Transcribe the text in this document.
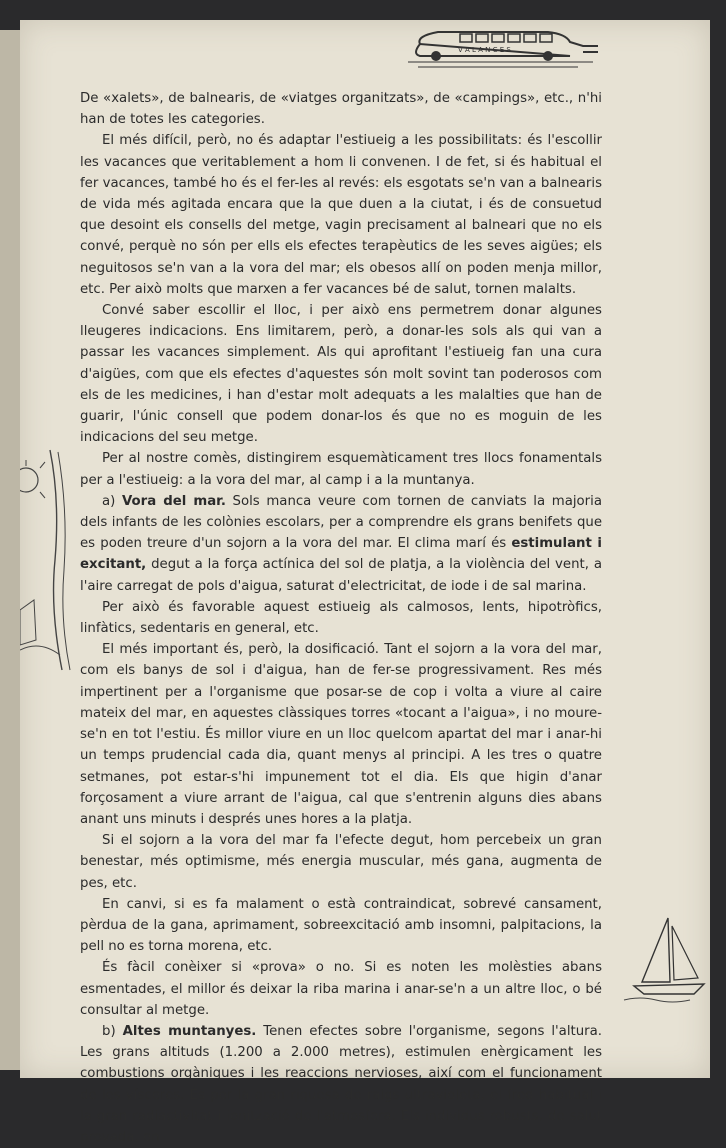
V A L A N C E S

De «xalets», de balnearis, de «viatges organitzats», de «campings», etc., n'hi han de totes les categories.

El més difícil, però, no és adaptar l'estiueig a les possibilitats: és l'escollir les vacances que veritablement a hom li convenen. I de fet, si és habitual el fer vacances, també ho és el fer-les al revés: els esgotats se'n van a balnearis de vida més agitada encara que la que duen a la ciutat, i és de consuetud que desoint els consells del metge, vagin precisament al balneari que no els convé, perquè no són per ells els efectes terapèutics de les seves aigües; els neguitosos se'n van a la vora del mar; els obesos allí on poden menja millor, etc. Per això molts que marxen a fer vacances bé de salut, tornen malalts.

Convé saber escollir el lloc, i per això ens permetrem donar algunes lleugeres indicacions. Ens limitarem, però, a donar-les sols als qui van a passar les vacances simplement. Als qui aprofitant l'estiueig fan una cura d'aigües, com que els efectes d'aquestes són molt sovint tan poderosos com els de les medicines, i han d'estar molt adequats a les malalties que han de guarir, l'únic consell que podem donar-los és que no es moguin de les indicacions del seu metge.

Per al nostre comès, distingirem esquemàticament tres llocs fonamentals per a l'estiueig: a la vora del mar, al camp i a la muntanya.

a) Vora del mar. Sols manca veure com tornen de canviats la majoria dels infants de les colònies escolars, per a comprendre els grans benifets que es poden treure d'un sojorn a la vora del mar. El clima marí és estimulant i excitant, degut a la força actínica del sol de platja, a la violència del vent, a l'aire carregat de pols d'aigua, saturat d'electricitat, de iode i de sal marina.

Per això és favorable aquest estiueig als calmosos, lents, hipotròfics, linfàtics, sedentaris en general, etc.

El més important és, però, la dosificació. Tant el sojorn a la vora del mar, com els banys de sol i d'aigua, han de fer-se progressivament. Res més impertinent per a l'organisme que posar-se de cop i volta a viure al caire mateix del mar, en aquestes clàssiques torres «tocant a l'aigua», i no moure-se'n en tot l'estiu. És millor viure en un lloc quelcom apartat del mar i anar-hi un temps prudencial cada dia, quant menys al principi. A les tres o quatre setmanes, pot estar-s'hi impunement tot el dia. Els que higin d'anar forçosament a viure arrant de l'aigua, cal que s'entrenin alguns dies abans anant uns minuts i després unes hores a la platja.

Si el sojorn a la vora del mar fa l'efecte degut, hom percebeix un gran benestar, més optimisme, més energia muscular, més gana, augmenta de pes, etc.

En canvi, si es fa malament o està contraindicat, sobrevé cansament, pèrdua de la gana, aprimament, sobreexcitació amb insomni, palpitacions, la pell no es torna morena, etc.

És fàcil conèixer si «prova» o no. Si es noten les molèsties abans esmentades, el millor és deixar la riba marina i anar-se'n a un altre lloc, o bé consultar al metge.

b) Altes muntanyes. Tenen efectes sobre l'organisme, segons l'altura. Les grans altituds (1.200 a 2.000 metres), estimulen enèrgicament les combustions orgàniques i les reaccions nervioses, així com el funcionament de les vísceres. És per la gran riquesa de raigs ultravioleta, el fred habitual i la gran radiactivitat i ionització de l'atmosfera. Els individus robusts, de salut provada, en
